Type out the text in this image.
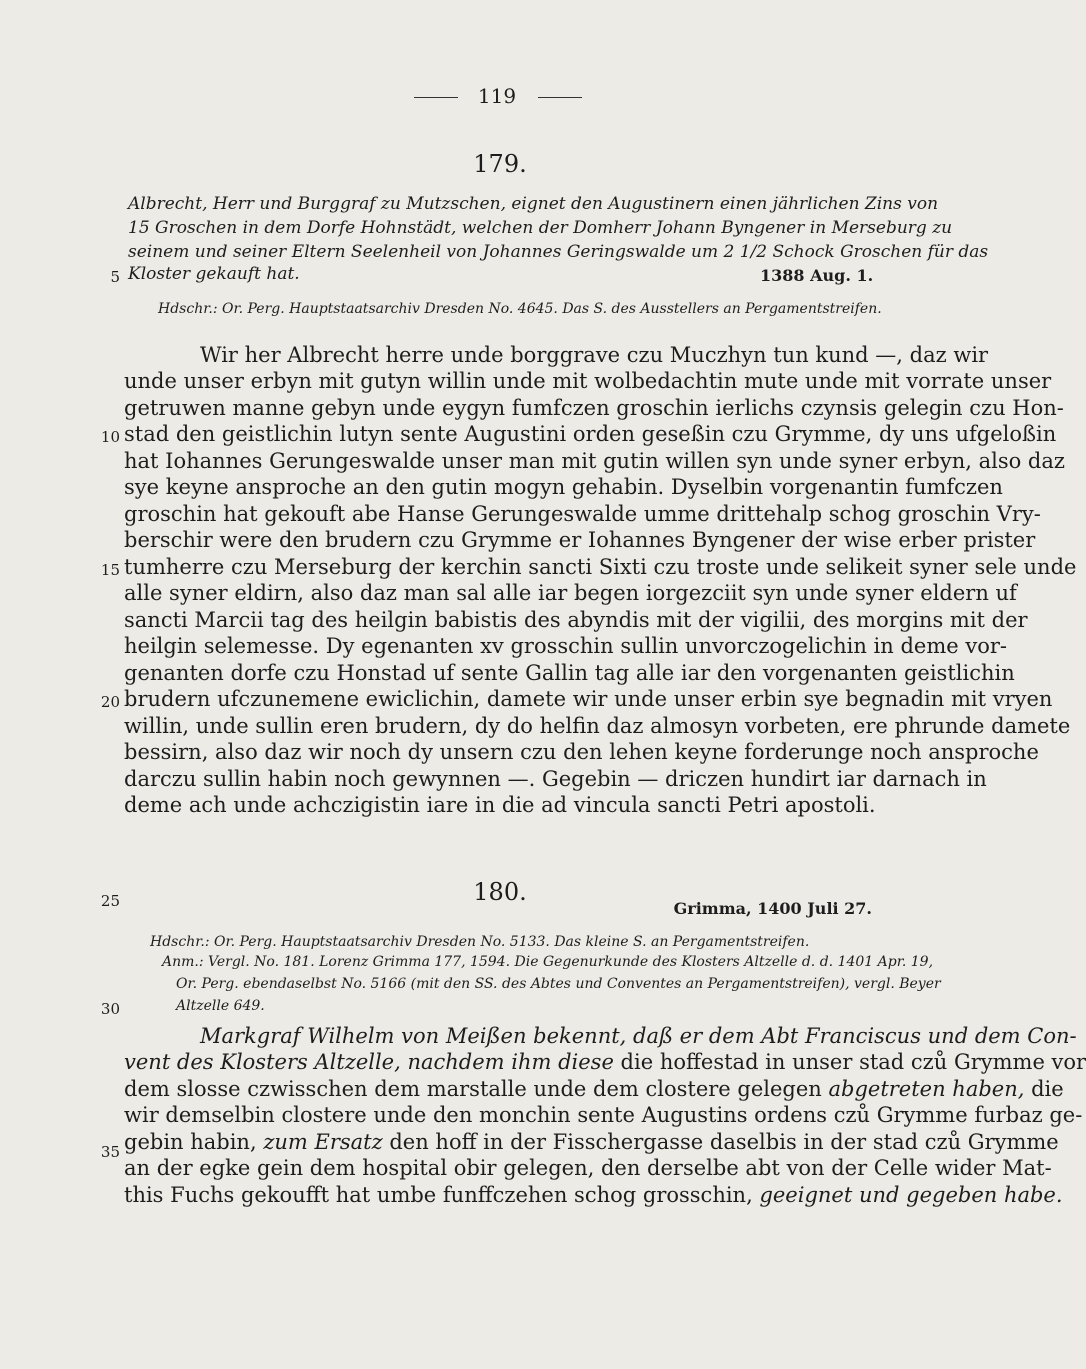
119
179.
Albrecht, Herr und Burggraf zu Mutzschen, eignet den Augustinern einen jährlichen Zins von
15 Groschen in dem Dorfe Hohnstädt, welchen der Domherr Johann Byngener in Merseburg zu
seinem und seiner Eltern Seelenheil von Johannes Geringswalde um 2 1/2 Schock Groschen für das
Kloster gekauft hat.	1388 Aug. 1.
Hdschr.: Or. Perg. Hauptstaatsarchiv Dresden No. 4645. Das S. des Ausstellers an Pergamentstreifen.
Wir her Albrecht herre unde borggrave czu Muczhyn tun kund —, daz wir
unde unser erbyn mit gutyn willin unde mit wolbedachtin mute unde mit vorrate unser
getruwen manne gebyn unde eygyn fumfczen groschin ierlichs czynsis gelegin czu Hon-
stad den geistlichin lutyn sente Augustini orden geseßin czu Grymme, dy uns ufgeloßin
hat Iohannes Gerungeswalde unser man mit gutin willen syn unde syner erbyn, also daz
sye keyne ansproche an den gutin mogyn gehabin. Dyselbin vorgenantin fumfczen
groschin hat gekouft abe Hanse Gerungeswalde umme drittehalp schog groschin Vry-
berschir were den brudern czu Grymme er Iohannes Byngener der wise erber prister
tumherre czu Merseburg der kerchin sancti Sixti czu troste unde selikeit syner sele unde
alle syner eldirn, also daz man sal alle iar begen iorgezciit syn unde syner eldern uf
sancti Marcii tag des heilgin babistis des abyndis mit der vigilii, des morgins mit der
heilgin selemesse. Dy egenanten xv grosschin sullin unvorczogelichin in deme vor-
genanten dorfe czu Honstad uf sente Gallin tag alle iar den vorgenanten geistlichin
brudern ufczunemene ewiclichin, damete wir unde unser erbin sye begnadin mit vryen
willin, unde sullin eren brudern, dy do helfin daz almosyn vorbeten, ere phrunde damete
bessirn, also daz wir noch dy unsern czu den lehen keyne forderunge noch ansproche
darczu sullin habin noch gewynnen —. Gegebin — driczen hundirt iar darnach in
deme ach unde achczigistin iare in die ad vincula sancti Petri apostoli.
180.
Grimma, 1400 Juli 27.
Hdschr.: Or. Perg. Hauptstaatsarchiv Dresden No. 5133. Das kleine S. an Pergamentstreifen.
Anm.: Vergl. No. 181. Lorenz Grimma 177, 1594. Die Gegenurkunde des Klosters Altzelle d. d. 1401 Apr. 19,
Or. Perg. ebendaselbst No. 5166 (mit den SS. des Abtes und Conventes an Pergamentstreifen), vergl. Beyer
Altzelle 649.
Markgraf Wilhelm von Meißen bekennt, daß er dem Abt Franciscus und dem Con-
vent des Klosters Altzelle, nachdem ihm diese die hoffestad in unser stad czů Grymme vor
dem slosse czwisschen dem marstalle unde dem clostere gelegen abgetreten haben, die
wir demselbin clostere unde den monchin sente Augustins ordens czů Grymme furbaz ge-
gebin habin, zum Ersatz den hoff in der Fisschergasse daselbis in der stad czů Grymme
an der egke gein dem hospital obir gelegen, den derselbe abt von der Celle wider Mat-
this Fuchs gekoufft hat umbe funffczehen schog grosschin, geeignet und gegeben habe.
5
10
15
20
25
30
35
